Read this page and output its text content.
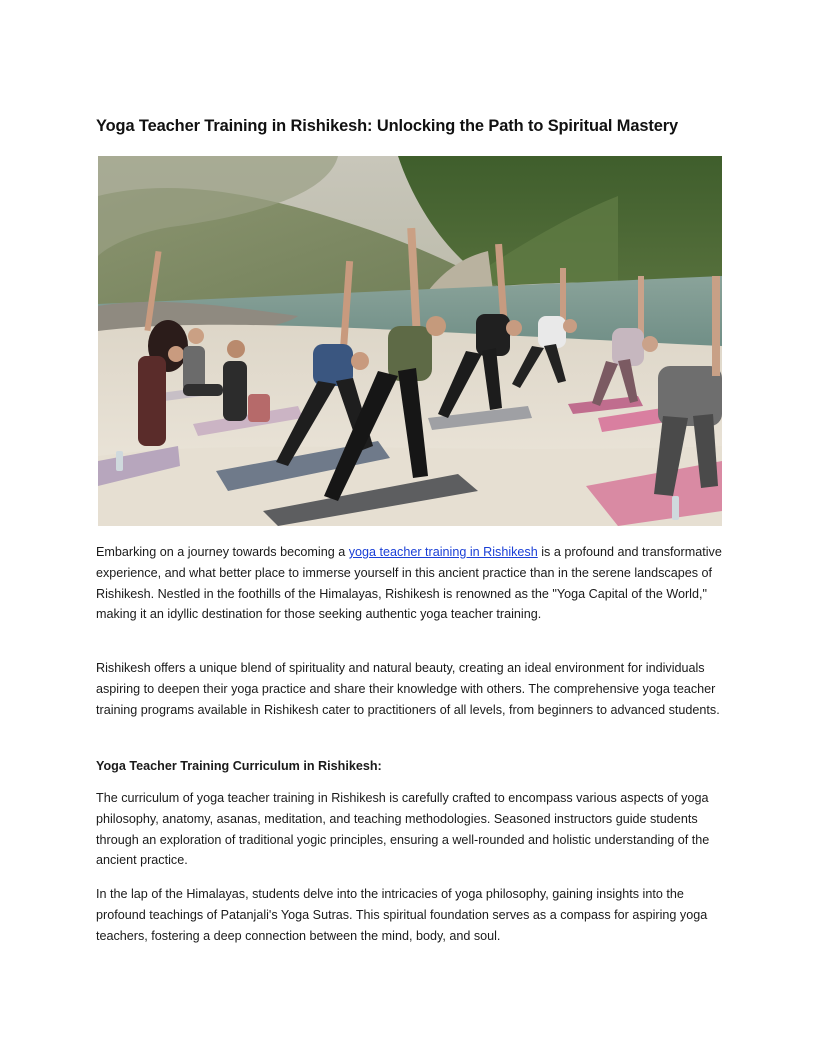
Yoga Teacher Training in Rishikesh: Unlocking the Path to Spiritual Mastery
Embarking on a journey towards becoming a yoga teacher training in Rishikesh is a profound and transformative experience, and what better place to immerse yourself in this ancient practice than in the serene landscapes of Rishikesh. Nestled in the foothills of the Himalayas, Rishikesh is renowned as the "Yoga Capital of the World," making it an idyllic destination for those seeking authentic yoga teacher training.
Rishikesh offers a unique blend of spirituality and natural beauty, creating an ideal environment for individuals aspiring to deepen their yoga practice and share their knowledge with others. The comprehensive yoga teacher training programs available in Rishikesh cater to practitioners of all levels, from beginners to advanced students.
Yoga Teacher Training Curriculum in Rishikesh:
The curriculum of yoga teacher training in Rishikesh is carefully crafted to encompass various aspects of yoga philosophy, anatomy, asanas, meditation, and teaching methodologies. Seasoned instructors guide students through an exploration of traditional yogic principles, ensuring a well-rounded and holistic understanding of the ancient practice.
In the lap of the Himalayas, students delve into the intricacies of yoga philosophy, gaining insights into the profound teachings of Patanjali's Yoga Sutras. This spiritual foundation serves as a compass for aspiring yoga teachers, fostering a deep connection between the mind, body, and soul.
